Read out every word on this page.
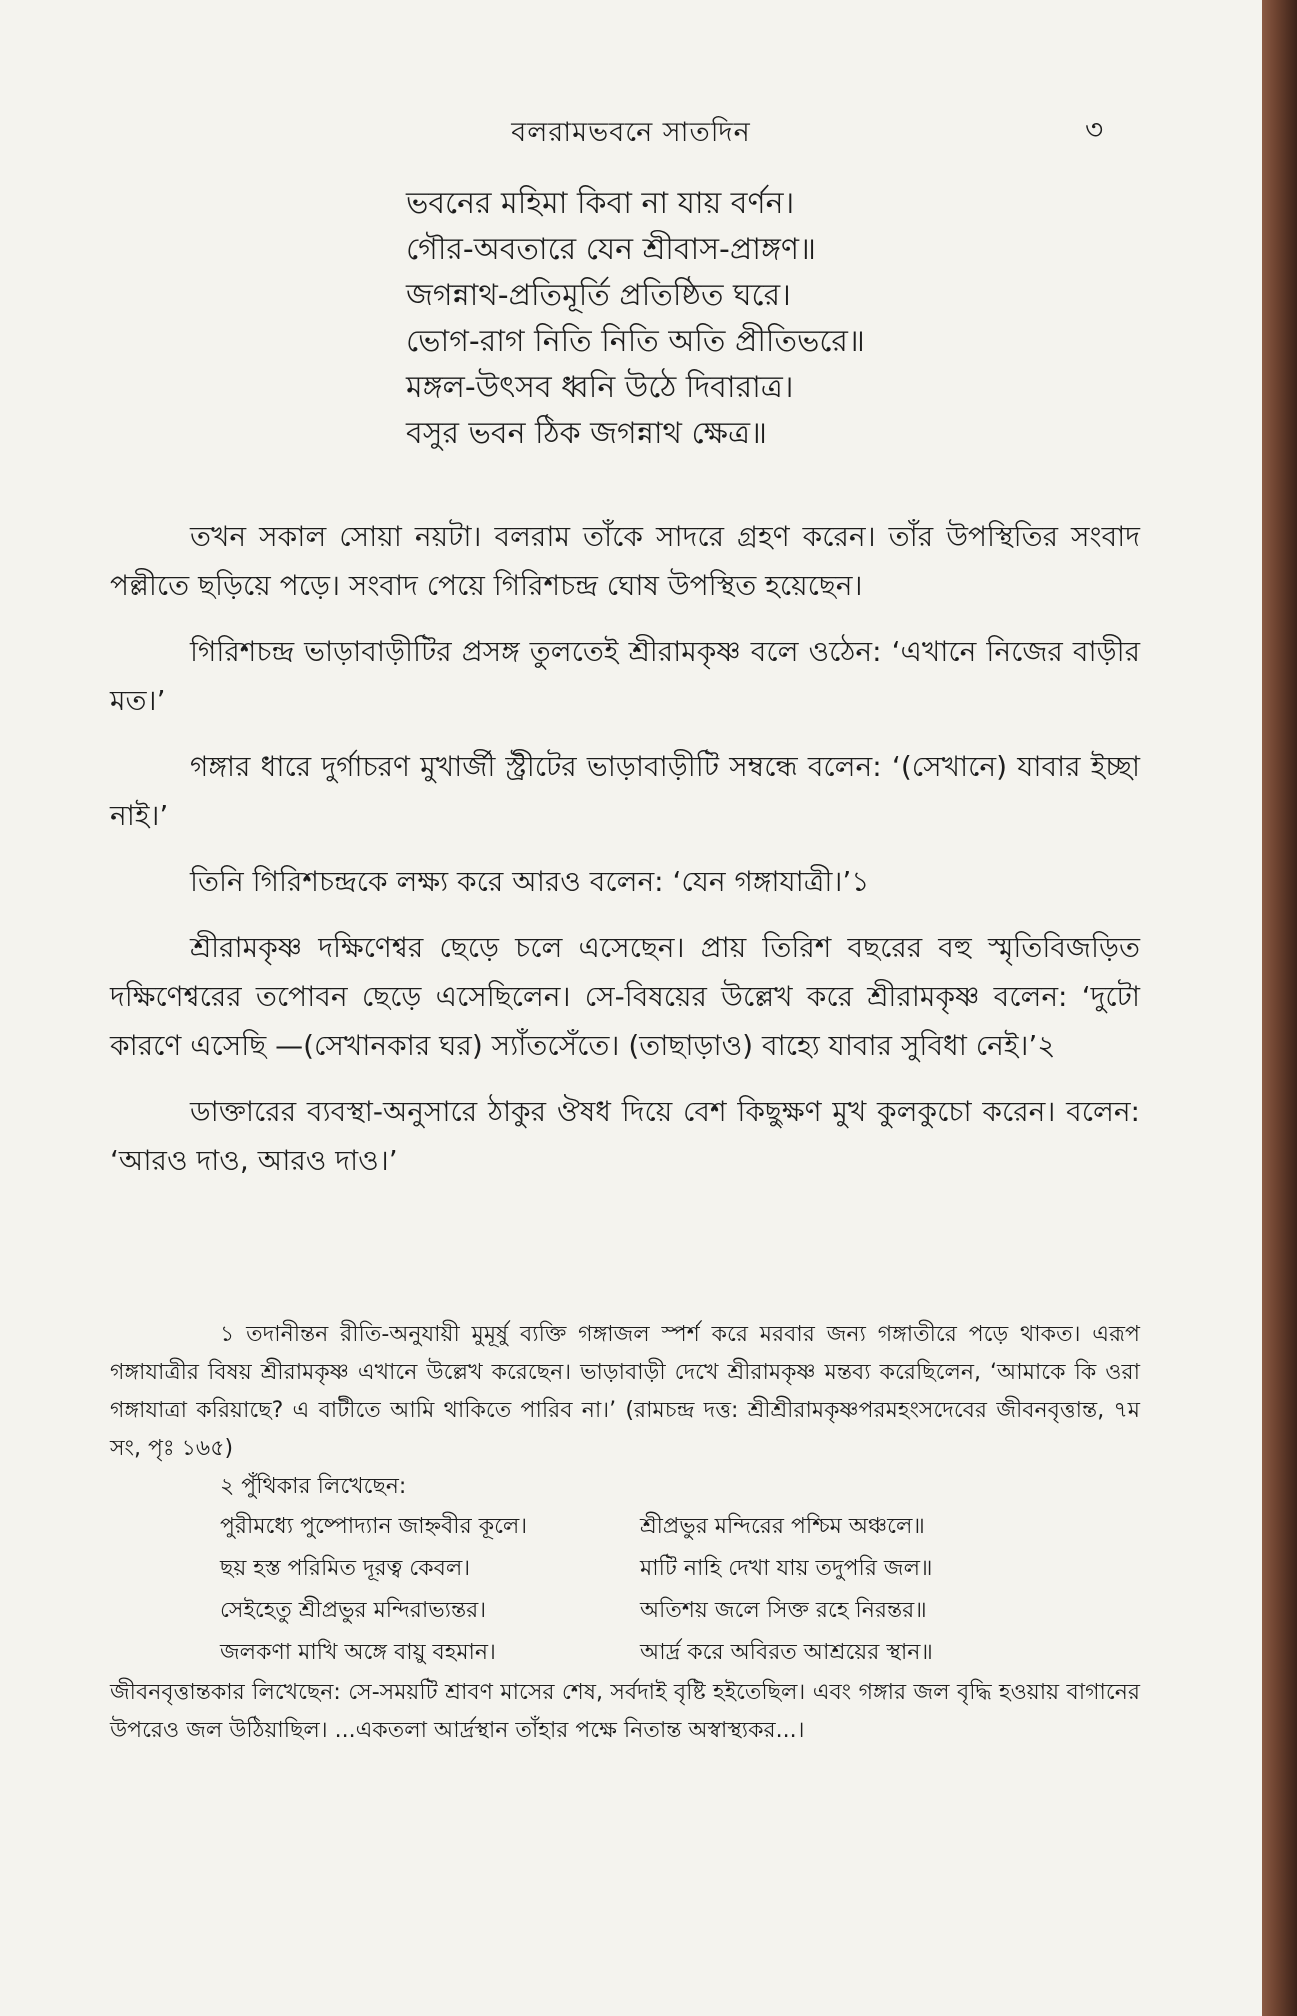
বলরামভবনে সাতদিন	৩
ভবনের মহিমা কিবা না যায় বর্ণন।
গৌর-অবতারে যেন শ্রীবাস-প্রাঙ্গণ॥
জগন্নাথ-প্রতিমূর্তি প্রতিষ্ঠিত ঘরে।
ভোগ-রাগ নিতি নিতি অতি প্রীতিভরে॥
মঙ্গল-উৎসব ধ্বনি উঠে দিবারাত্র।
বসুর ভবন ঠিক জগন্নাথ ক্ষেত্র॥

তখন সকাল সোয়া নয়টা। বলরাম তাঁকে সাদরে গ্রহণ করেন। তাঁর উপস্থিতির সংবাদ পল্লীতে ছড়িয়ে পড়ে। সংবাদ পেয়ে গিরিশচন্দ্র ঘোষ উপস্থিত হয়েছেন।

গিরিশচন্দ্র ভাড়াবাড়ীটির প্রসঙ্গ তুলতেই শ্রীরামকৃষ্ণ বলে ওঠেন: ‘এখানে নিজের বাড়ীর মত।’

গঙ্গার ধারে দুর্গাচরণ মুখার্জী স্ট্রীটের ভাড়াবাড়ীটি সম্বন্ধে বলেন: ‘(সেখানে) যাবার ইচ্ছা নাই।’

তিনি গিরিশচন্দ্রকে লক্ষ্য করে আরও বলেন: ‘যেন গঙ্গাযাত্রী।’১

শ্রীরামকৃষ্ণ দক্ষিণেশ্বর ছেড়ে চলে এসেছেন। প্রায় তিরিশ বছরের বহু স্মৃতিবিজড়িত দক্ষিণেশ্বরের তপোবন ছেড়ে এসেছিলেন। সে-বিষয়ের উল্লেখ করে শ্রীরামকৃষ্ণ বলেন: ‘দুটো কারণে এসেছি —(সেখানকার ঘর) স্যাঁতসেঁতে। (তাছাড়াও) বাহ্যে যাবার সুবিধা নেই।’২

ডাক্তারের ব্যবস্থা-অনুসারে ঠাকুর ঔষধ দিয়ে বেশ কিছুক্ষণ মুখ কুলকুচো করেন। বলেন: ‘আরও দাও, আরও দাও।’

১ তদানীন্তন রীতি-অনুযায়ী মুমূর্ষু ব্যক্তি গঙ্গাজল স্পর্শ করে মরবার জন্য গঙ্গাতীরে পড়ে থাকত। এরূপ গঙ্গাযাত্রীর বিষয় শ্রীরামকৃষ্ণ এখানে উল্লেখ করেছেন। ভাড়াবাড়ী দেখে শ্রীরামকৃষ্ণ মন্তব্য করেছিলেন, ‘আমাকে কি ওরা গঙ্গাযাত্রা করিয়াছে? এ বাটীতে আমি থাকিতে পারিব না।’ (রামচন্দ্র দত্ত: শ্রীশ্রীরামকৃষ্ণপরমহংসদেবের জীবনবৃত্তান্ত, ৭ম সং, পৃঃ ১৬৫)

২ পুঁথিকার লিখেছেন:

পুরীমধ্যে পুষ্পোদ্যান জাহ্নবীর কূলে।	শ্রীপ্রভুর মন্দিরের পশ্চিম অঞ্চলে॥
ছয় হস্ত পরিমিত দূরত্ব কেবল।	মাটি নাহি দেখা যায় তদুপরি জল॥
সেইহেতু শ্রীপ্রভুর মন্দিরাভ্যন্তর।	অতিশয় জলে সিক্ত রহে নিরন্তর॥
জলকণা মাখি অঙ্গে বায়ু বহমান।	আর্দ্র করে অবিরত আশ্রয়ের স্থান॥

জীবনবৃত্তান্তকার লিখেছেন: সে-সময়টি শ্রাবণ মাসের শেষ, সর্বদাই বৃষ্টি হইতেছিল। এবং গঙ্গার জল বৃদ্ধি হওয়ায় বাগানের উপরেও জল উঠিয়াছিল। ...একতলা আর্দ্রস্থান তাঁহার পক্ষে নিতান্ত অস্বাস্থ্যকর...।
